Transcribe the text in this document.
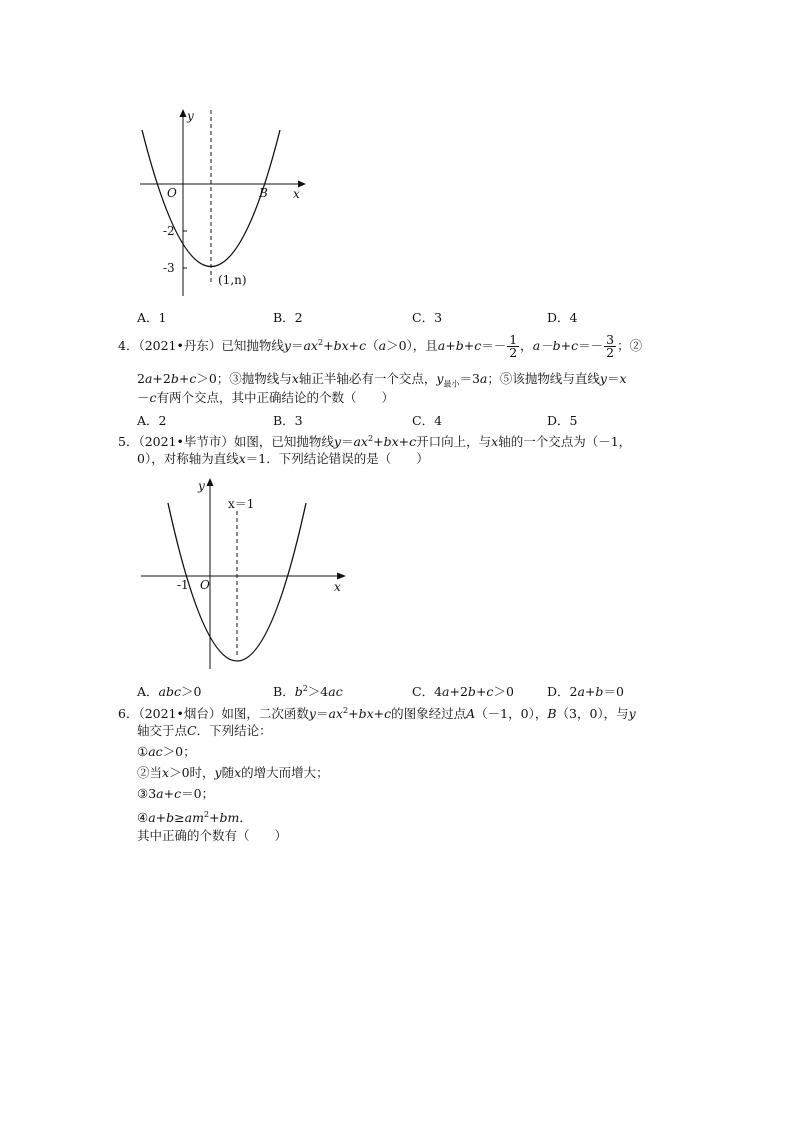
y
x
O	B
-2
-3
(1,n)
A．1	B．2	C．3	D．4
4．（2021•丹东）已知抛物线$y=ax^2+bx+c(a>0)$，且$a+b+c=- \frac{1}{2}$ ，$a-b+c=- \frac{3}{2}$ ；②
2a+2b+c＞0；③抛物线与x轴正半轴必有一个交点，$y_{最小}=3a$；⑤该抛物线与直线y＝x
－c有两个交点，其中正确结论的个数（　　）
A．2	B．3	C．4	D．5
5．（2021•毕节市）如图，已知抛物线$y=ax^2+bx+c$开口向上，与x轴的一个交点为（－1，
0），对称轴为直线x＝1．下列结论错误的是（　　）
y
x
O
-1
x＝1
A．abc＞0	B．$b^2>4ac$	C．4a+2b+c＞0	D．2a+b＝0
6．（2021•烟台）如图，二次函数$y=ax^2+bx+c$的图象经过点A（－1，0），B（3，0），与y
轴交于点C．下列结论：
①ac＞0；
②当x＞0时，y随x的增大而增大；
③3a+c＝0；
$④a+b\ge am^2+bm$．
其中正确的个数有（　　）
